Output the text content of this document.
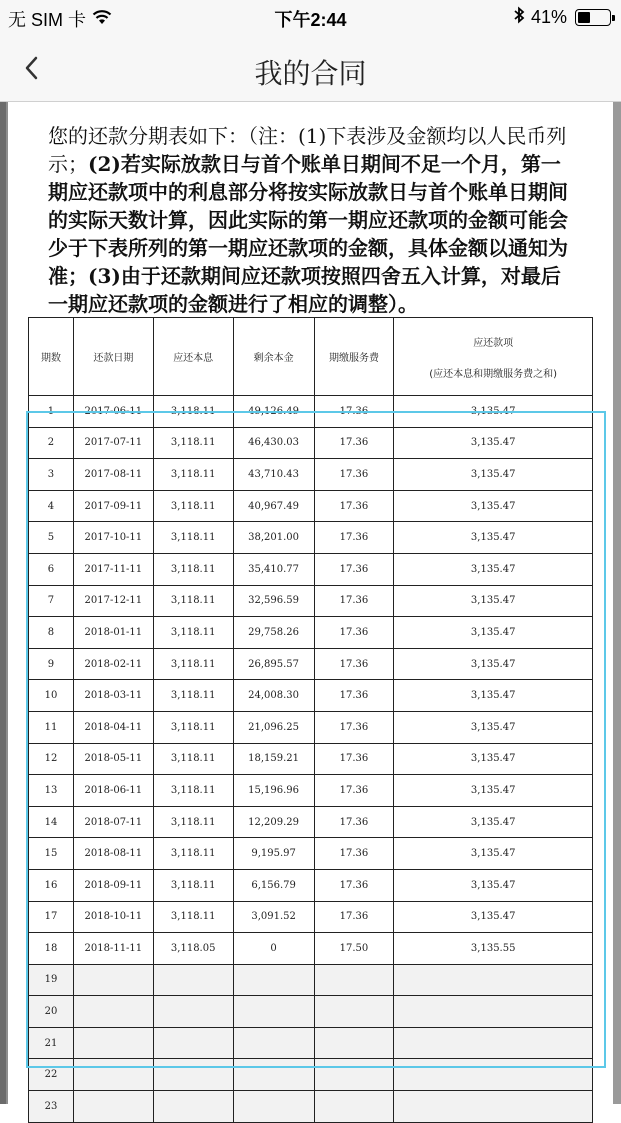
无 SIM 卡	下午2:44	41%
我的合同
您的还款分期表如下：（注：(1)下表涉及金额均以人民币列示；(2)若实际放款日与首个账单日期间不足一个月，第一期应还款项中的利息部分将按实际放款日与首个账单日期间的实际天数计算，因此实际的第一期应还款项的金额可能会少于下表所列的第一期应还款项的金额，具体金额以通知为准；(3)由于还款期间应还款项按照四舍五入计算，对最后一期应还款项的金额进行了相应的调整）。
期数	还款日期	应还本息	剩余本金	期缴服务费	应还款项
(应还本息和期缴服务费之和)

1	2017-06-11	3,118.11	49,126.49	17.36	3,135.47
2	2017-07-11	3,118.11	46,430.03	17.36	3,135.47
3	2017-08-11	3,118.11	43,710.43	17.36	3,135.47
4	2017-09-11	3,118.11	40,967.49	17.36	3,135.47
5	2017-10-11	3,118.11	38,201.00	17.36	3,135.47
6	2017-11-11	3,118.11	35,410.77	17.36	3,135.47
7	2017-12-11	3,118.11	32,596.59	17.36	3,135.47
8	2018-01-11	3,118.11	29,758.26	17.36	3,135.47
9	2018-02-11	3,118.11	26,895.57	17.36	3,135.47
10	2018-03-11	3,118.11	24,008.30	17.36	3,135.47
11	2018-04-11	3,118.11	21,096.25	17.36	3,135.47
12	2018-05-11	3,118.11	18,159.21	17.36	3,135.47
13	2018-06-11	3,118.11	15,196.96	17.36	3,135.47
14	2018-07-11	3,118.11	12,209.29	17.36	3,135.47
15	2018-08-11	3,118.11	9,195.97	17.36	3,135.47
16	2018-09-11	3,118.11	6,156.79	17.36	3,135.47
17	2018-10-11	3,118.11	3,091.52	17.36	3,135.47
18	2018-11-11	3,118.05	0	17.50	3,135.55
19					
20					
21					
22					
23					
